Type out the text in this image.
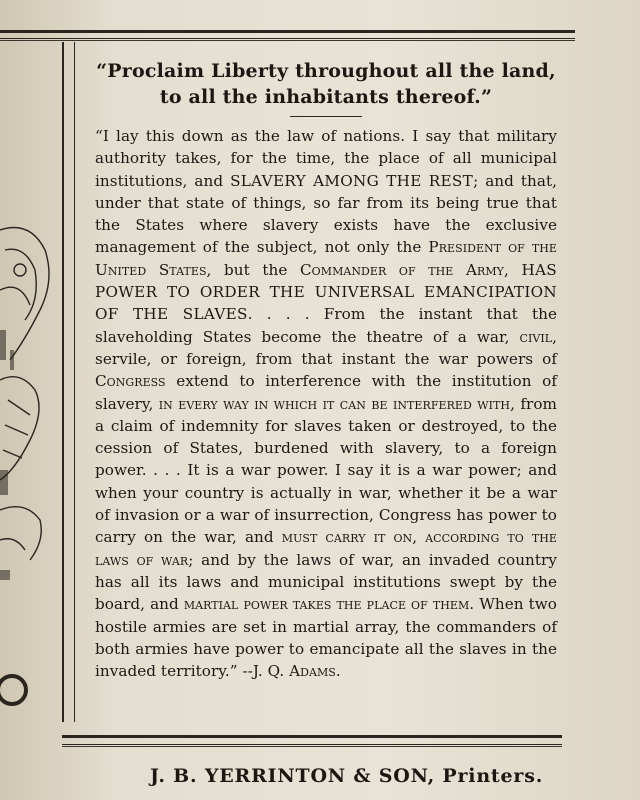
“Proclaim Liberty throughout all the land, to all the inhabitants thereof.”

“I lay this down as the law of nations. I say that military authority takes, for the time, the place of all municipal institutions, and SLAVERY AMONG THE REST; and that, under that state of things, so far from its being true that the States where slavery exists have the exclusive management of the subject, not only the President of the United States, but the Commander of the Army, HAS POWER TO ORDER THE UNIVERSAL EMANCIPATION OF THE SLAVES. . . . From the instant that the slaveholding States become the theatre of a war, civil, servile, or foreign, from that instant the war powers of Congress extend to interference with the institution of slavery, in every way in which it can be interfered with, from a claim of indemnity for slaves taken or destroyed, to the cession of States, burdened with slavery, to a foreign power. . . . It is a war power. I say it is a war power; and when your country is actually in war, whether it be a war of invasion or a war of insurrection, Congress has power to carry on the war, and must carry it on, according to the laws of war; and by the laws of war, an invaded country has all its laws and municipal institutions swept by the board, and martial power takes the place of them. When two hostile armies are set in martial array, the commanders of both armies have power to emancipate all the slaves in the invaded territory.” --J. Q. Adams.

J. B. YERRINTON & SON, Printers.
